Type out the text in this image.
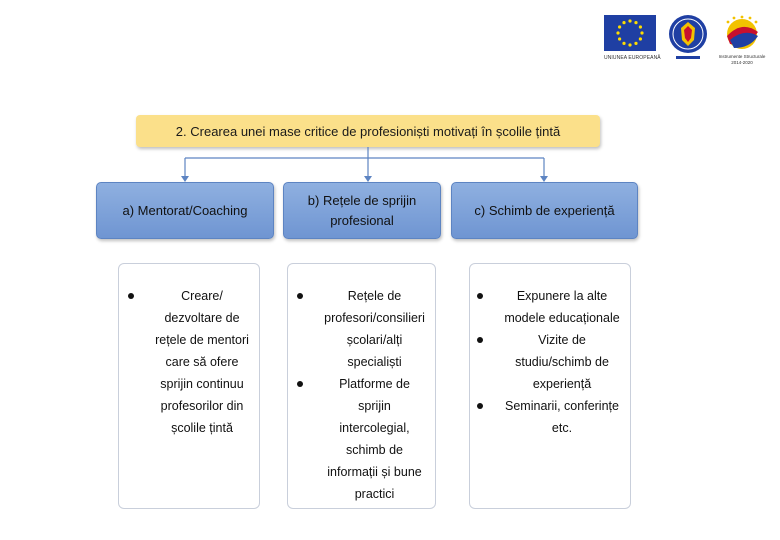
UNIUNEA EUROPEANĂ	Instrumente Structurale 2014-2020
2. Crearea unei mase critice de profesioniști motivați în școlile țintă
a) Mentorat/Coaching
b) Rețele de sprijin profesional
c) Schimb de experiență
Creare/ dezvoltare de rețele de mentori care să ofere sprijin continuu profesorilor din școlile țintă
Rețele de profesori/consilieri școlari/alți specialiști
Platforme de sprijin intercolegial, schimb de informații și bune practici
Expunere la alte modele educaționale
Vizite de studiu/schimb de experiență
Seminarii, conferințe etc.
